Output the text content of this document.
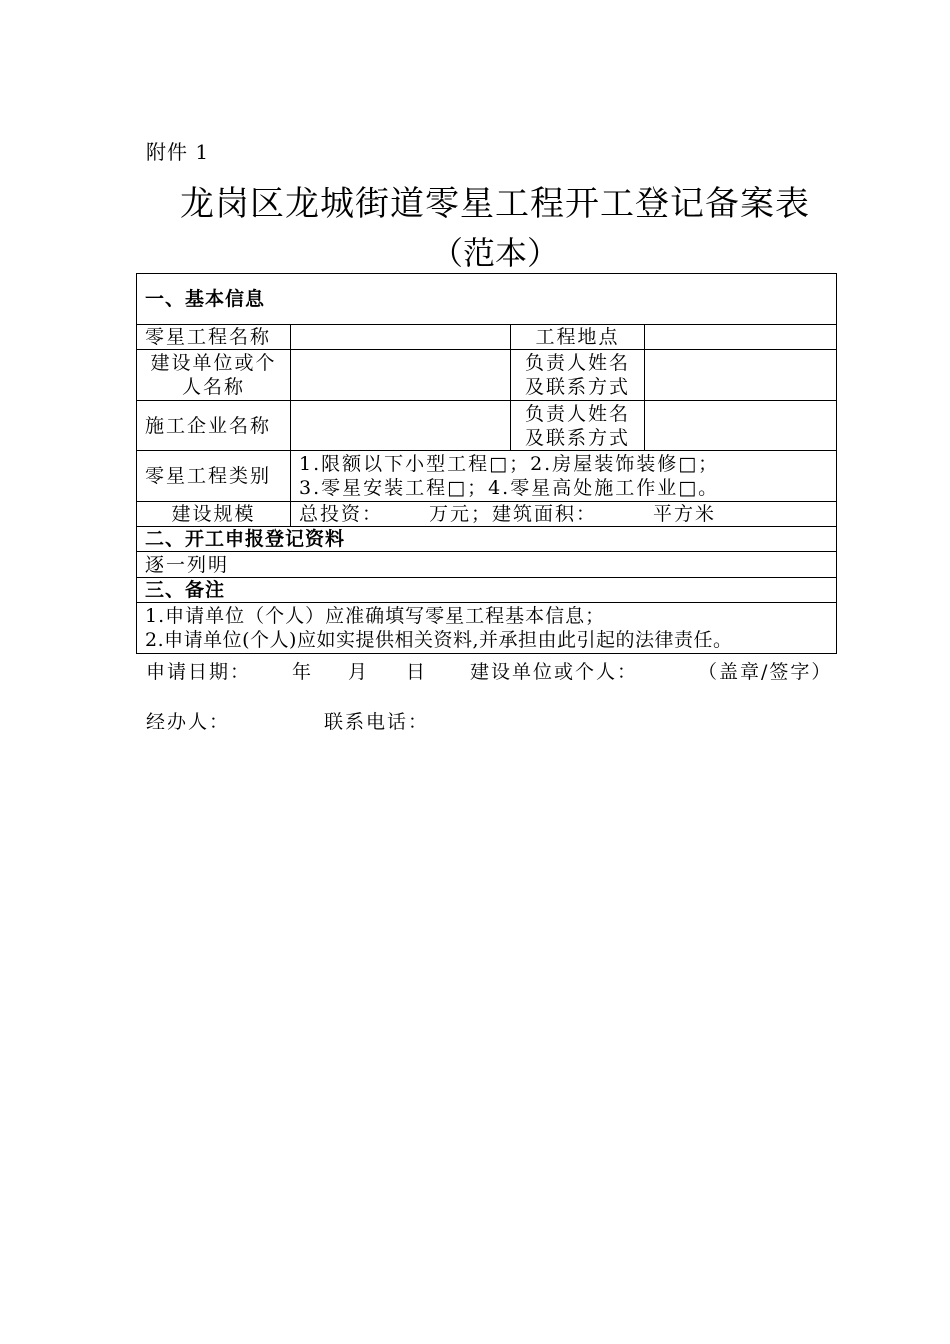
附件 1
龙岗区龙城街道零星工程开工登记备案表
（范本）
一、基本信息			
零星工程名称		工程地点	
建设单位或个人名称		负责人姓名及联系方式	
施工企业名称		负责人姓名及联系方式	
零星工程类别	1.限额以下小型工程□；2.房屋装饰装修□；
3.零星安装工程□；4.零星高处施工作业□。		

建设规模	总投资： 万元；建筑面积： 平方米		
二、开工申报登记资料			
逐一列明			
三、备注			

1.申请单位（个人）应准确填写零星工程基本信息；
2.申请单位(个人)应如实提供相关资料,并承担由此引起的法律责任。			
申请日期： 年 月 日 建设单位或个人：	（盖章/签字）
经办人：	联系电话：
